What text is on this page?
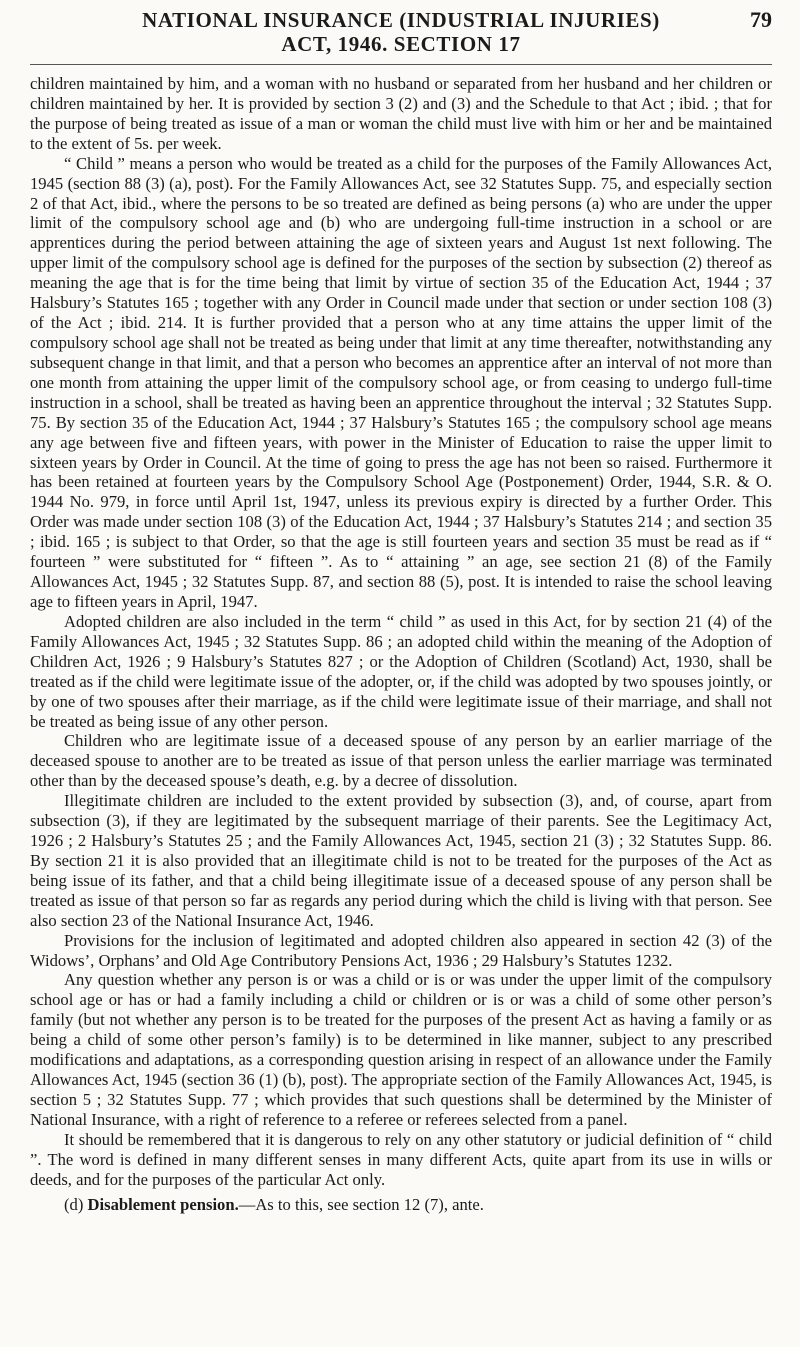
NATIONAL INSURANCE (INDUSTRIAL INJURIES)
ACT, 1946. SECTION 17
79

children maintained by him, and a woman with no husband or separated from her husband and her children or children maintained by her. It is provided by section 3 (2) and (3) and the Schedule to that Act ; ibid. ; that for the purpose of being treated as issue of a man or woman the child must live with him or her and be maintained to the extent of 5s. per week.

“ Child ” means a person who would be treated as a child for the purposes of the Family Allowances Act, 1945 (section 88 (3) (a), post). For the Family Allowances Act, see 32 Statutes Supp. 75, and especially section 2 of that Act, ibid., where the persons to be so treated are defined as being persons (a) who are under the upper limit of the compulsory school age and (b) who are undergoing full-time instruction in a school or are apprentices during the period between attaining the age of sixteen years and August 1st next following. The upper limit of the compulsory school age is defined for the purposes of the section by subsection (2) thereof as meaning the age that is for the time being that limit by virtue of section 35 of the Education Act, 1944 ; 37 Halsbury’s Statutes 165 ; together with any Order in Council made under that section or under section 108 (3) of the Act ; ibid. 214. It is further provided that a person who at any time attains the upper limit of the compulsory school age shall not be treated as being under that limit at any time thereafter, notwithstanding any subsequent change in that limit, and that a person who becomes an apprentice after an interval of not more than one month from attaining the upper limit of the compulsory school age, or from ceasing to undergo full-time instruction in a school, shall be treated as having been an apprentice throughout the interval ; 32 Statutes Supp. 75. By section 35 of the Education Act, 1944 ; 37 Halsbury’s Statutes 165 ; the compulsory school age means any age between five and fifteen years, with power in the Minister of Education to raise the upper limit to sixteen years by Order in Council. At the time of going to press the age has not been so raised. Furthermore it has been retained at fourteen years by the Compulsory School Age (Postponement) Order, 1944, S.R. & O. 1944 No. 979, in force until April 1st, 1947, unless its previous expiry is directed by a further Order. This Order was made under section 108 (3) of the Education Act, 1944 ; 37 Halsbury’s Statutes 214 ; and section 35 ; ibid. 165 ; is subject to that Order, so that the age is still fourteen years and section 35 must be read as if “ fourteen ” were substituted for “ fifteen ”. As to “ attaining ” an age, see section 21 (8) of the Family Allowances Act, 1945 ; 32 Statutes Supp. 87, and section 88 (5), post. It is intended to raise the school leaving age to fifteen years in April, 1947.

Adopted children are also included in the term “ child ” as used in this Act, for by section 21 (4) of the Family Allowances Act, 1945 ; 32 Statutes Supp. 86 ; an adopted child within the meaning of the Adoption of Children Act, 1926 ; 9 Halsbury’s Statutes 827 ; or the Adoption of Children (Scotland) Act, 1930, shall be treated as if the child were legitimate issue of the adopter, or, if the child was adopted by two spouses jointly, or by one of two spouses after their marriage, as if the child were legitimate issue of their marriage, and shall not be treated as being issue of any other person.

Children who are legitimate issue of a deceased spouse of any person by an earlier marriage of the deceased spouse to another are to be treated as issue of that person unless the earlier marriage was terminated other than by the deceased spouse’s death, e.g. by a decree of dissolution.

Illegitimate children are included to the extent provided by subsection (3), and, of course, apart from subsection (3), if they are legitimated by the subsequent marriage of their parents. See the Legitimacy Act, 1926 ; 2 Halsbury’s Statutes 25 ; and the Family Allowances Act, 1945, section 21 (3) ; 32 Statutes Supp. 86. By section 21 it is also provided that an illegitimate child is not to be treated for the purposes of the Act as being issue of its father, and that a child being illegitimate issue of a deceased spouse of any person shall be treated as issue of that person so far as regards any period during which the child is living with that person. See also section 23 of the National Insurance Act, 1946.

Provisions for the inclusion of legitimated and adopted children also appeared in section 42 (3) of the Widows’, Orphans’ and Old Age Contributory Pensions Act, 1936 ; 29 Halsbury’s Statutes 1232.

Any question whether any person is or was a child or is or was under the upper limit of the compulsory school age or has or had a family including a child or children or is or was a child of some other person’s family (but not whether any person is to be treated for the purposes of the present Act as having a family or as being a child of some other person’s family) is to be determined in like manner, subject to any prescribed modifications and adaptations, as a corresponding question arising in respect of an allowance under the Family Allowances Act, 1945 (section 36 (1) (b), post). The appropriate section of the Family Allowances Act, 1945, is section 5 ; 32 Statutes Supp. 77 ; which provides that such questions shall be determined by the Minister of National Insurance, with a right of reference to a referee or referees selected from a panel.

It should be remembered that it is dangerous to rely on any other statutory or judicial definition of “ child ”. The word is defined in many different senses in many different Acts, quite apart from its use in wills or deeds, and for the purposes of the particular Act only.

(d) Disablement pension.—As to this, see section 12 (7), ante.
